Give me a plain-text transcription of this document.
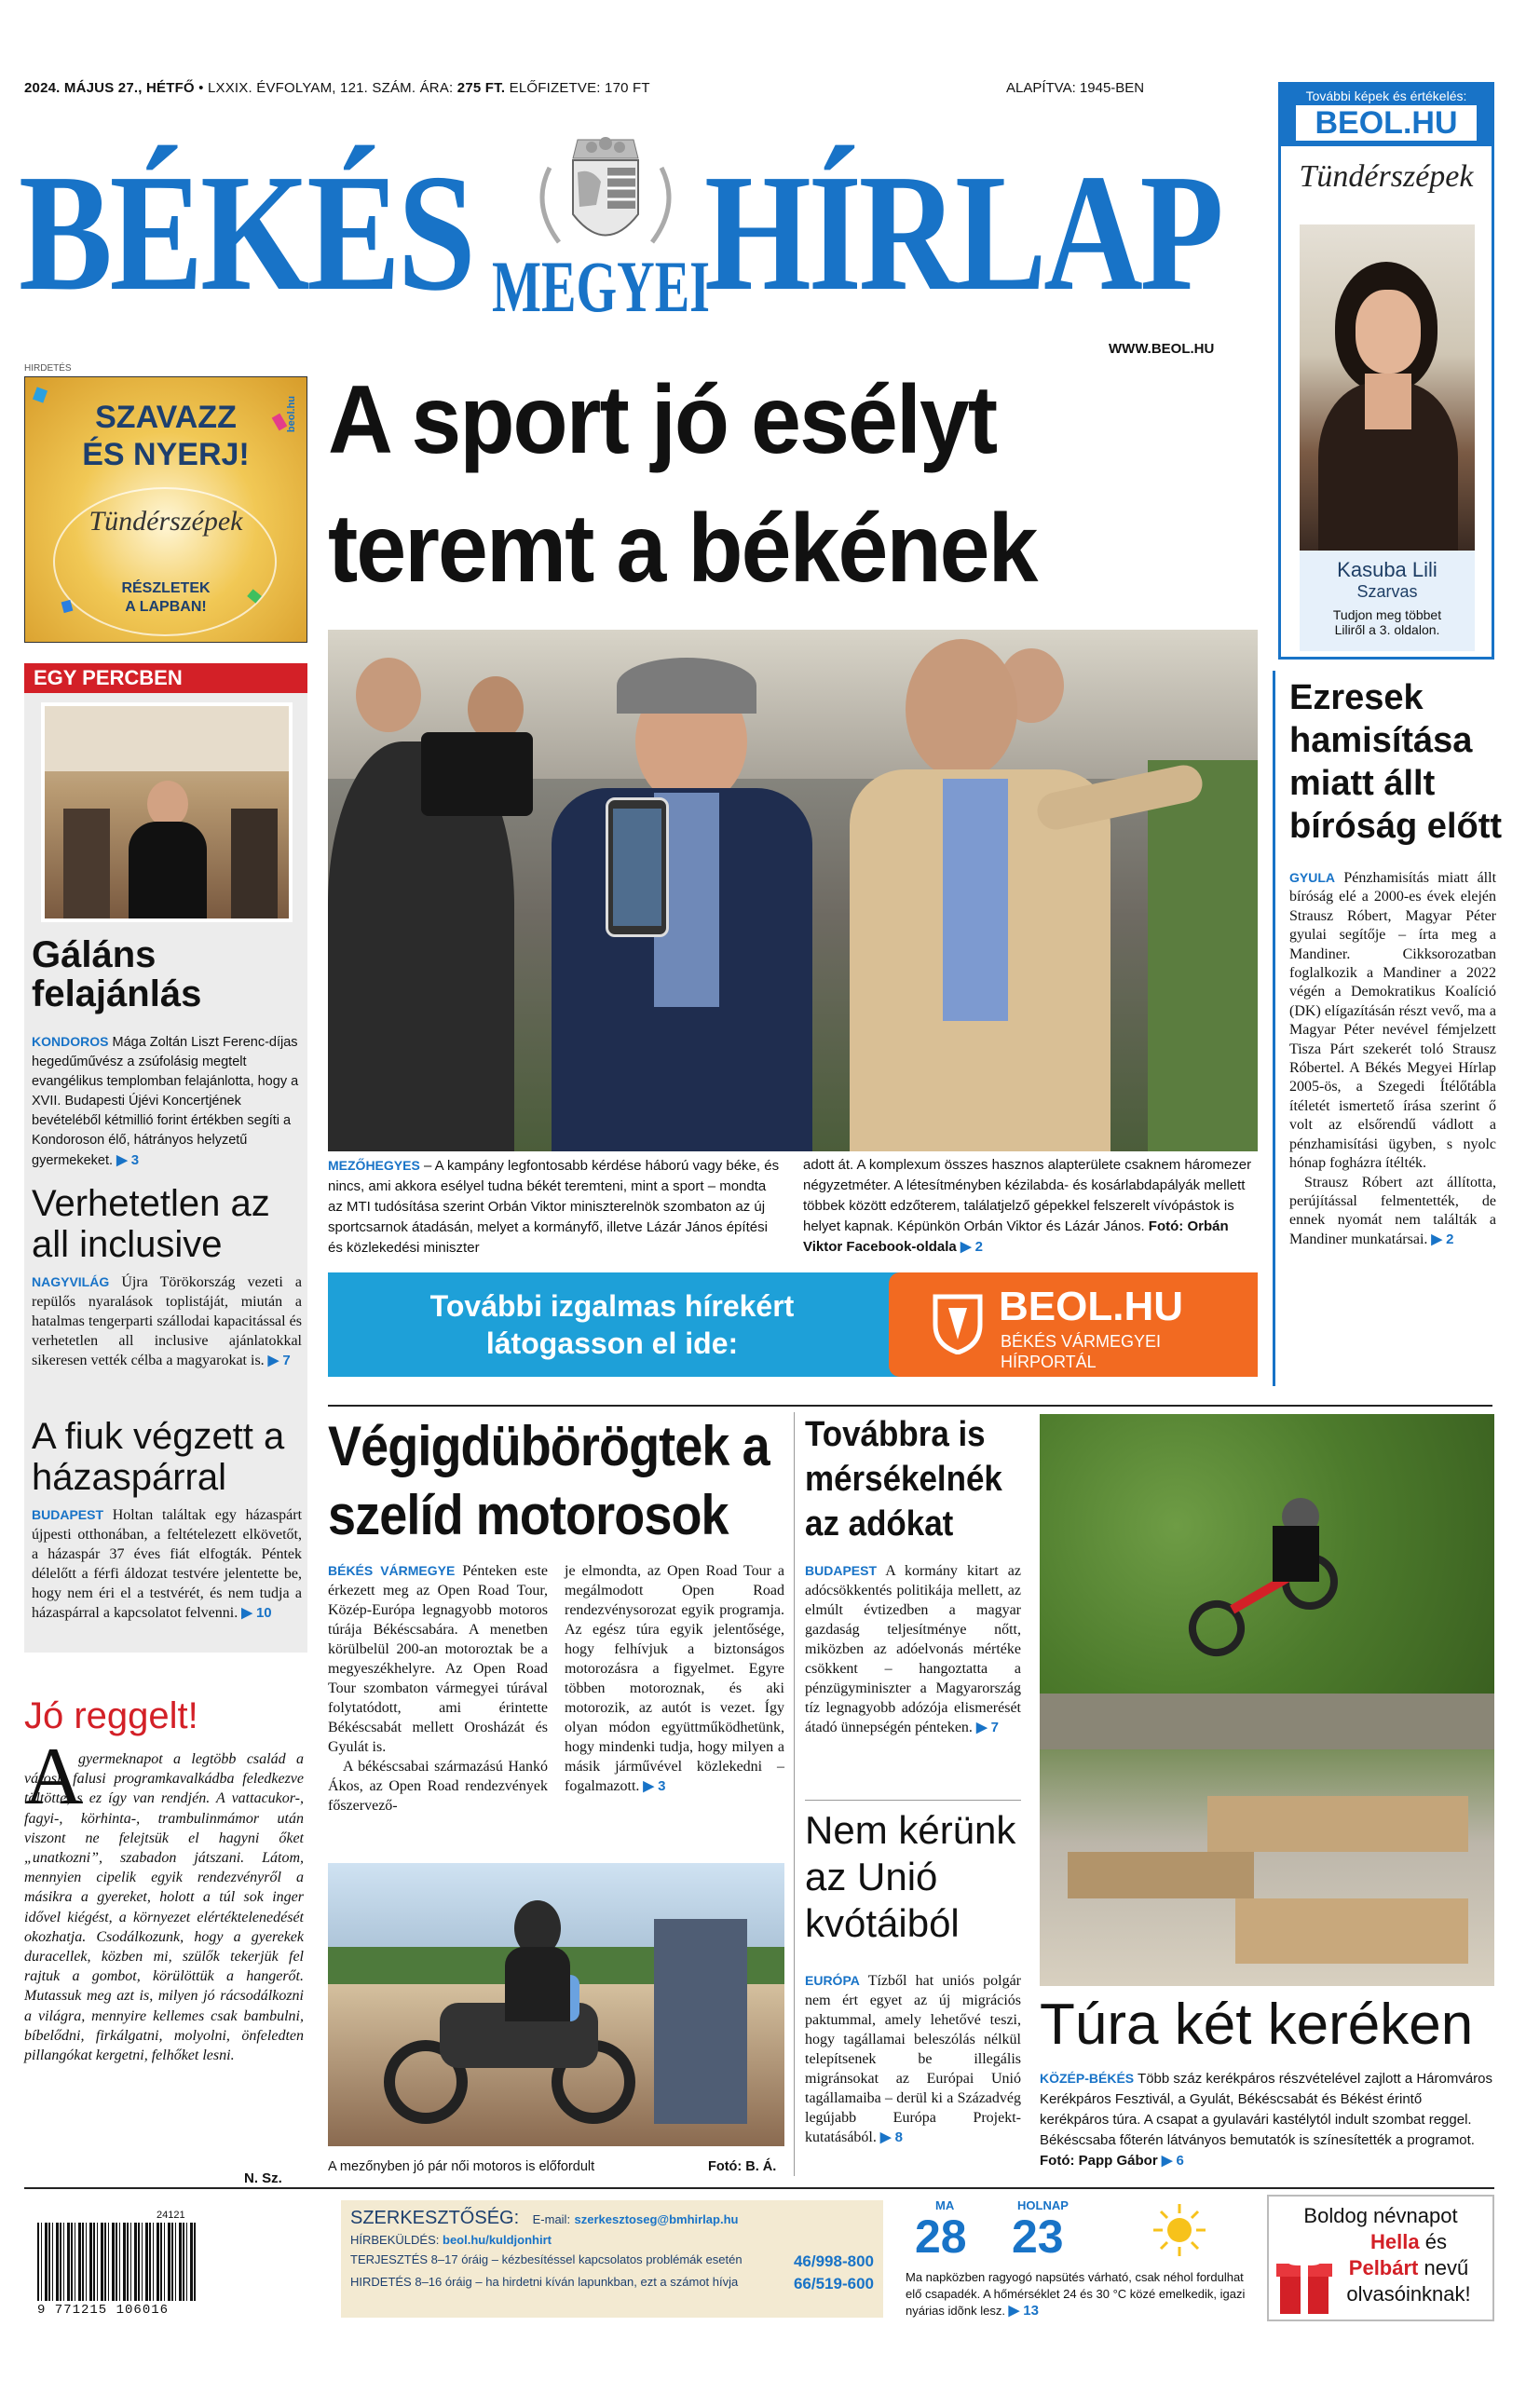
2024. MÁJUS 27., HÉTFŐ • LXXIX. ÉVFOLYAM, 121. SZÁM. ÁRA: 275 FT. ELŐFIZETVE: 170 FT	ALAPÍTVA: 1945-BEN
BÉKÉS MEGYEI
HÍRLAP
WWW.BEOL.HU
További képek és értékelés:
BEOL.HU
Tündérszépek
Kasuba Lili
Szarvas
Tudjon meg többet
Liliről a 3. oldalon.
HIRDETÉS
beol.hu
SZAVAZZ
ÉS NYERJ!
Tündérszépek
RÉSZLETEK
A LAPBAN!
A sport jó esélyt
teremt a békének
MEZŐHEGYES – A kampány legfontosabb kérdése háború vagy béke, és nincs, ami akkora esélyel tudna békét teremteni, mint a sport – mondta az MTI tudósítása szerint Orbán Viktor miniszterelnök szombaton az új sportcsarnok átadásán, melyet a kormányfő, illetve Lázár János építési és közlekedési miniszter
adott át. A komplexum összes hasznos alapterülete csaknem háromezer négyzetméter. A létesítményben kézilabda- és kosárlabdapályák mellett többek között edzőterem, találatjelző gépekkel felszerelt vívópástok is helyet kapnak. Képünkön Orbán Viktor és Lázár János. Fotó: Orbán Viktor Facebook-oldala ▶ 2
További izgalmas hírekért
látogasson el ide:
BEOL.HU
BÉKÉS VÁRMEGYEI
HÍRPORTÁL
EGY PERCBEN
Gáláns felajánlás
KONDOROS Mága Zoltán Liszt Ferenc-díjas hegedűművész a zsúfolásig megtelt evangélikus templomban felajánlotta, hogy a XVII. Budapesti Újévi Koncertjének bevételéből kétmillió forint értékben segíti a Kondoroson élő, hátrányos helyzetű gyermekeket. ▶ 3
Verhetetlen az all inclusive
NAGYVILÁG Újra Törökország vezeti a repülős nyaralások toplistáját, miután a hatalmas tengerparti szállodai kapacitással és verhetetlen all inclusive ajánlatokkal sikeresen vették célba a magyarokat is. ▶ 7
A fiuk végzett a házaspárral
BUDAPEST Holtan találtak egy házaspárt újpesti otthonában, a feltételezett elkövetőt, a házaspár 37 éves fiát elfogták. Péntek délelőtt a férfi áldozat testvére jelentette be, hogy nem éri el a testvérét, és nem tudja a házaspárral a kapcsolatot felvenni. ▶ 10
Jó reggelt!
A
gyermeknapot a legtöbb család a városi, falusi programkavalkádba feledkezve töltötte, s ez így van rendjén. A vattacukor-, fagyi-, körhinta-, trambulinmámor után viszont ne felejtsük el hagyni őket „unatkozni”, szabadon játszani. Látom, mennyien cipelik egyik rendezvényről a másikra a gyereket, holott a túl sok inger idővel kiégést, a környezet elértéktelenedését okozhatja. Csodálkozunk, hogy a gyerekek duracellek, közben mi, szülők tekerjük fel rajtuk a gombot, körülöttük a hangerőt. Mutassuk meg azt is, milyen jó rácsodálkozni a világra, mennyire kellemes csak bambulni, bíbelődni, firkálgatni, molyolni, önfeledten pillangókat kergetni, felhőket lesni.
N. Sz.
Ezresek hamisítása miatt állt bíróság előtt
GYULA Pénzhamisítás miatt állt bíróság elé a 2000-es évek elején Strausz Róbert, Magyar Péter gyulai segítője – írta meg a Mandiner. Cikksorozatban foglalkozik a Mandiner a 2022 végén a Demokratikus Koalíció (DK) elígazításán részt vevő, ma a Magyar Péter nevével fémjelzett Tisza Párt szekerét toló Strausz Róbertel. A Békés Megyei Hírlap 2005-ös, a Szegedi Ítélőtábla ítéletét ismertető írása szerint ő volt az elsőrendű vádlott a pénzhamisítási ügyben, s nyolc hónap fogházra ítélték.
Strausz Róbert azt állította, perújítással felmentették, de ennek nyomát nem találták a Mandiner munkatársai. ▶ 2
Végigdübörögtek a szelíd motorosok
BÉKÉS VÁRMEGYE Pénteken este érkezett meg az Open Road Tour, Közép-Európa legnagyobb motoros túrája Békéscsabára. A menetben körülbelül 200-an motoroztak be a megyeszékhelyre. Az Open Road Tour szombaton vármegyei túrával folytatódott, ami érintette Békéscsabát mellett Orosházát és Gyulát is.
A békéscsabai származású Hankó Ákos, az Open Road rendezvények főszervező-
je elmondta, az Open Road Tour a megálmodott Open Road rendezvénysorozat egyik programja. Az egész túra egyik jelentősége, hogy felhívjuk a biztonságos motorozásra a figyelmet. Egyre többen motoroznak, és aki motorozik, az autót is vezet. Így olyan módon együttműködhetünk, hogy mindenki tudja, hogy milyen a másik járművével közlekedni – fogalmazott. ▶ 3
A mezőnyben jó pár női motoros is előfordult	Fotó: B. Á.
Továbbra is mérsékelnék az adókat
BUDAPEST A kormány kitart az adócsökkentés politikája mellett, az elmúlt évtizedben a magyar gazdaság teljesítménye nőtt, miközben az adóelvonás mértéke csökkent – hangoztatta a pénzügyminiszter a Magyarország tíz legnagyobb adózója elismerését átadó ünnepségén pénteken. ▶ 7
Nem kérünk az Unió kvótáiból
EURÓPA Tízből hat uniós polgár nem ért egyet az új migrációs paktummal, amely lehetővé teszi, hogy tagállamai beleszólás nélkül telepítsenek be illegális migránsokat az Európai Unió tagállamaiba – derül ki a Századvég legújabb Európa Projekt-kutatásából. ▶ 8
Túra két keréken
KÖZÉP-BÉKÉS Több száz kerékpáros részvételével zajlott a Háromváros Kerékpáros Fesztivál, a Gyulát, Békéscsabát és Békést érintő kerékpáros túra. A csapat a gyulavári kastélytól indult szombat reggel. Békéscsaba főterén látványos bemutatók is színesítették a programot. Fotó: Papp Gábor ▶ 6
24121
9 771215 106016
SZERKESZTŐSÉG: E-mail: szerkesztoseg@bmhirlap.hu
HÍRBEKÜLDÉS: beol.hu/kuldjonhirt
TERJESZTÉS 8–17 óráig – kézbesítéssel kapcsolatos problémák esetén	46/998-800
HIRDETÉS 8–16 óráig – ha hirdetni kíván lapunkban, ezt a számot hívja	66/519-600
MA
28
HOLNAP
23
Ma napközben ragyogó napsütés várható, csak néhol fordulhat elő csapadék. A hőmérséklet 24 és 30 °C közé emelkedik, igazi nyárias idõnk lesz. ▶ 13
Boldog névnapot
Hella és
Pelbárt nevű
olvasóinknak!
